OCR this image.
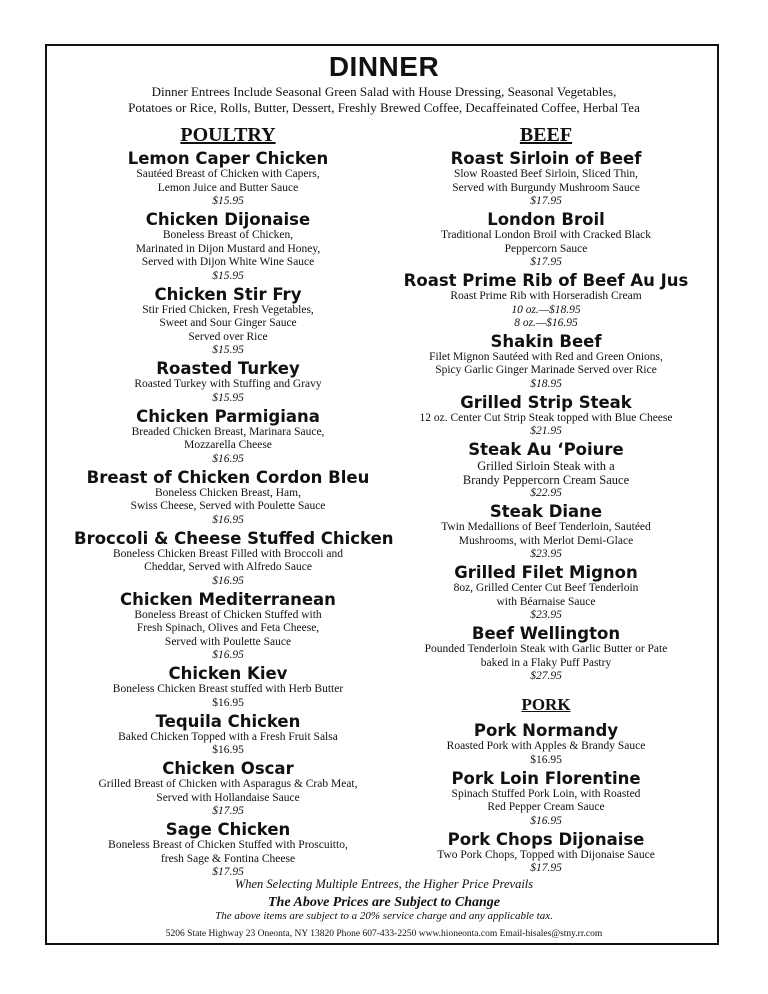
DINNER
Dinner Entrees Include Seasonal Green Salad with House Dressing, Seasonal Vegetables,
Potatoes or Rice, Rolls, Butter, Dessert, Freshly Brewed Coffee, Decaffeinated Coffee, Herbal Tea
POULTRY
Lemon Caper Chicken
Sautéed Breast of Chicken with Capers,
Lemon Juice and Butter Sauce
$15.95
Chicken Dijonaise
Boneless Breast of Chicken,
Marinated in Dijon Mustard and Honey,
Served with Dijon White Wine Sauce
$15.95
Chicken Stir Fry
Stir Fried Chicken, Fresh Vegetables,
Sweet and Sour Ginger Sauce
Served over Rice
$15.95
Roasted Turkey
Roasted Turkey with Stuffing and Gravy
$15.95
Chicken Parmigiana
Breaded Chicken Breast, Marinara Sauce,
Mozzarella Cheese
$16.95
Breast of Chicken Cordon Bleu
Boneless Chicken Breast, Ham,
Swiss Cheese, Served with Poulette Sauce
$16.95
Broccoli & Cheese Stuffed Chicken
Boneless Chicken Breast Filled with Broccoli and
Cheddar, Served with Alfredo Sauce
$16.95
Chicken Mediterranean
Boneless Breast of Chicken Stuffed with
Fresh Spinach, Olives and Feta Cheese,
Served with Poulette Sauce
$16.95
Chicken Kiev
Boneless Chicken Breast stuffed with Herb Butter
$16.95
Tequila Chicken
Baked Chicken Topped with a Fresh Fruit Salsa
$16.95
Chicken Oscar
Grilled Breast of Chicken with Asparagus & Crab Meat,
Served with Hollandaise Sauce
$17.95
Sage Chicken
Boneless Breast of Chicken Stuffed with Proscuitto,
fresh Sage & Fontina Cheese
$17.95
BEEF
Roast Sirloin of Beef
Slow Roasted Beef Sirloin, Sliced Thin,
Served with Burgundy Mushroom Sauce
$17.95
London Broil
Traditional London Broil with Cracked Black
Peppercorn Sauce
$17.95
Roast Prime Rib of Beef Au Jus
Roast Prime Rib with Horseradish Cream
10 oz.—$18.95
8 oz.—$16.95
Shakin Beef
Filet Mignon Sautéed with Red and Green Onions,
Spicy Garlic Ginger Marinade Served over Rice
$18.95
Grilled Strip Steak
12 oz. Center Cut Strip Steak topped with Blue Cheese
$21.95
Steak Au ‘Poiure
Grilled Sirloin Steak with a
Brandy Peppercorn Cream Sauce
$22.95
Steak Diane
Twin Medallions of Beef Tenderloin, Sautéed
Mushrooms, with Merlot Demi-Glace
$23.95
Grilled Filet Mignon
8oz, Grilled Center Cut Beef Tenderloin
with Béarnaise Sauce
$23.95
Beef Wellington
Pounded Tenderloin Steak with Garlic Butter or Pate
baked in a Flaky Puff Pastry
$27.95
PORK
Pork Normandy
Roasted Pork with Apples & Brandy Sauce
$16.95
Pork Loin Florentine
Spinach Stuffed Pork Loin, with Roasted
Red Pepper Cream Sauce
$16.95
Pork Chops Dijonaise
Two Pork Chops, Topped with Dijonaise Sauce
$17.95
When Selecting Multiple Entrees, the Higher Price Prevails
The Above Prices are Subject to Change
The above items are subject to a 20% service charge and any applicable tax.
5206 State Highway 23 Oneonta, NY 13820 Phone 607-433-2250 www.hioneonta.com Email-hisales@stny.rr.com
